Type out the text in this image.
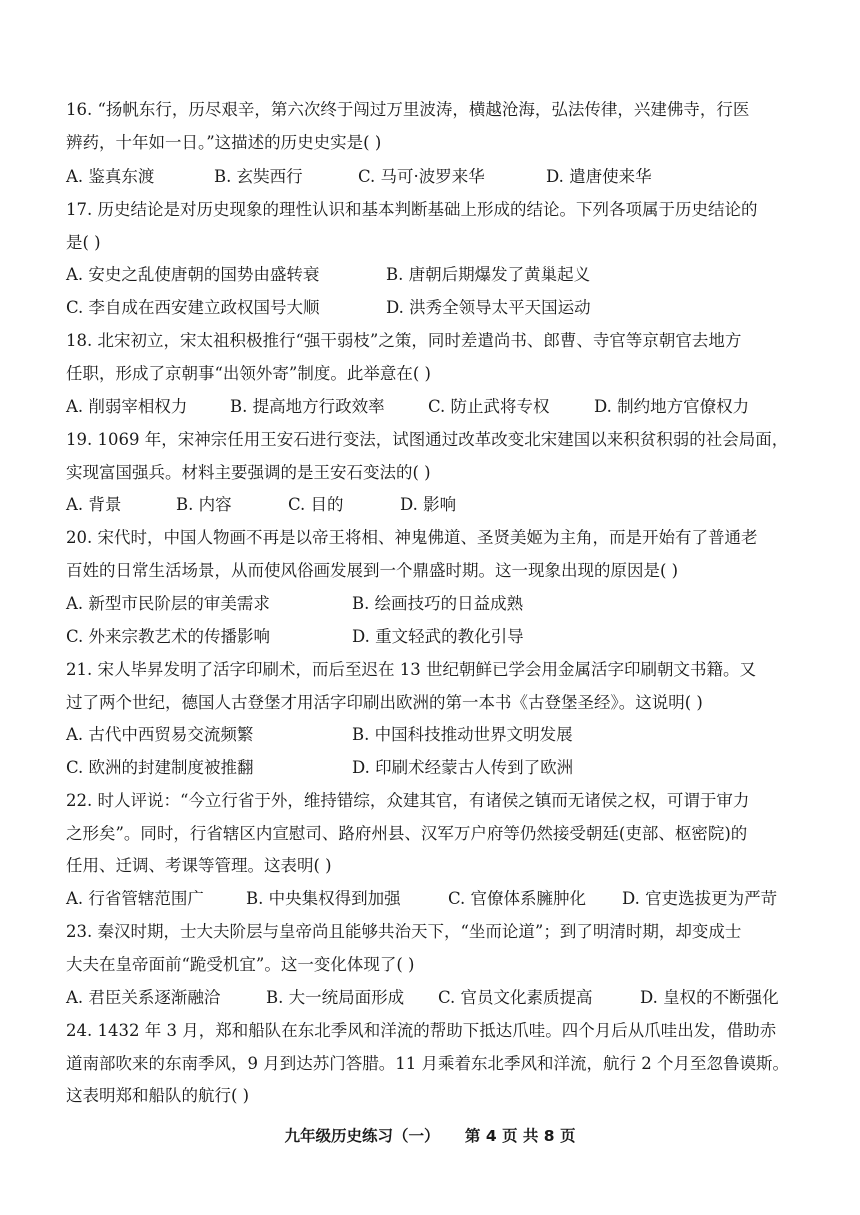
16. “扬帆东行，历尽艰辛，第六次终于闯过万里波涛，横越沧海，弘法传律，兴建佛寺，行医
辨药，十年如一日。”这描述的历史史实是( )
A. 鉴真东渡	B. 玄奘西行	C. 马可·波罗来华	D. 遣唐使来华
17. 历史结论是对历史现象的理性认识和基本判断基础上形成的结论。下列各项属于历史结论的
是( )
A. 安史之乱使唐朝的国势由盛转衰	B. 唐朝后期爆发了黄巢起义
C. 李自成在西安建立政权国号大顺	D. 洪秀全领导太平天国运动
18. 北宋初立，宋太祖积极推行“强干弱枝”之策，同时差遣尚书、郎曹、寺官等京朝官去地方
任职，形成了京朝事“出领外寄”制度。此举意在( )
A. 削弱宰相权力	B. 提高地方行政效率	C. 防止武将专权	D. 制约地方官僚权力
19. 1069 年，宋神宗任用王安石进行变法，试图通过改革改变北宋建国以来积贫积弱的社会局面，
实现富国强兵。材料主要强调的是王安石变法的( )
A. 背景	B. 内容	C. 目的	D. 影响
20. 宋代时，中国人物画不再是以帝王将相、神鬼佛道、圣贤美姬为主角，而是开始有了普通老
百姓的日常生活场景，从而使风俗画发展到一个鼎盛时期。这一现象出现的原因是( )
A. 新型市民阶层的审美需求	B. 绘画技巧的日益成熟
C. 外来宗教艺术的传播影响	D. 重文轻武的教化引导
21. 宋人毕昇发明了活字印刷术，而后至迟在 13 世纪朝鲜已学会用金属活字印刷朝文书籍。又
过了两个世纪，德国人古登堡才用活字印刷出欧洲的第一本书《古登堡圣经》。这说明( )
A. 古代中西贸易交流频繁	B. 中国科技推动世界文明发展
C. 欧洲的封建制度被推翻	D. 印刷术经蒙古人传到了欧洲
22. 时人评说：“今立行省于外，维持错综，众建其官，有诸侯之镇而无诸侯之权，可谓于审力
之形矣”。同时，行省辖区内宣慰司、路府州县、汉军万户府等仍然接受朝廷(吏部、枢密院)的
任用、迁调、考课等管理。这表明( )
A. 行省管辖范围广	B. 中央集权得到加强	C. 官僚体系臃肿化 D. 官吏选拔更为严苛
23. 秦汉时期，士大夫阶层与皇帝尚且能够共治天下，“坐而论道”；到了明清时期，却变成士
大夫在皇帝面前“跪受机宜”。这一变化体现了( )
A. 君臣关系逐渐融洽	B. 大一统局面形成 C. 官员文化素质提高	D. 皇权的不断强化
24. 1432 年 3 月，郑和船队在东北季风和洋流的帮助下抵达爪哇。四个月后从爪哇出发，借助赤
道南部吹来的东南季风，9 月到达苏门答腊。11 月乘着东北季风和洋流，航行 2 个月至忽鲁谟斯。
这表明郑和船队的航行( )
九年级历史练习（一） 第 4 页 共 8 页
